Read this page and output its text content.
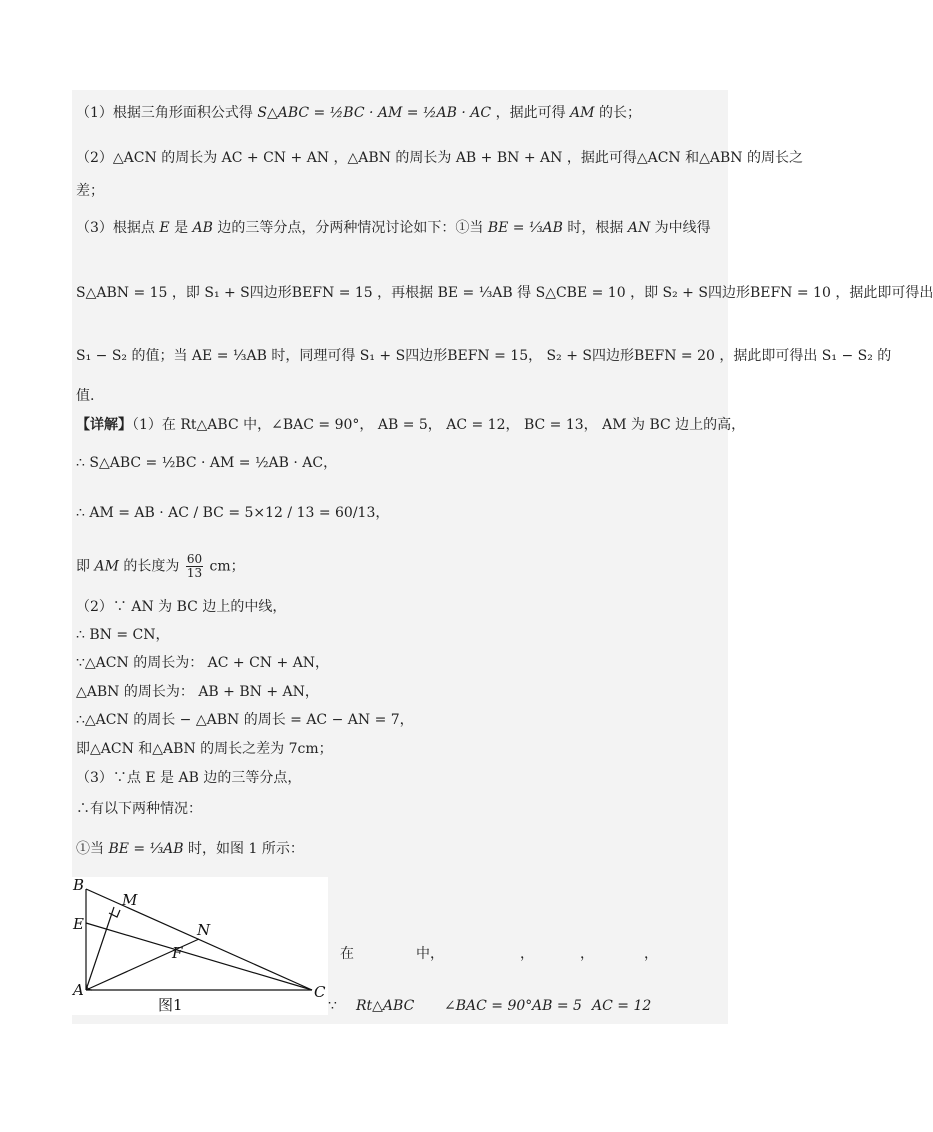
（1）根据三角形面积公式得 S△ABC = ½BC · AM = ½AB · AC ，据此可得 AM 的长；
（2）△ACN 的周长为 AC + CN + AN ，△ABN 的周长为 AB + BN + AN ，据此可得△ACN 和△ABN 的周长之
差；
（3）根据点 E 是 AB 边的三等分点，分两种情况讨论如下：①当 BE = ⅓AB 时，根据 AN 为中线得
S△ABN = 15 ，即 S₁ + S四边形BEFN = 15 ，再根据 BE = ⅓AB 得 S△CBE = 10 ，即 S₂ + S四边形BEFN = 10 ，据此即可得出
S₁ − S₂ 的值；当 AE = ⅓AB 时，同理可得 S₁ + S四边形BEFN = 15， S₂ + S四边形BEFN = 20 ，据此即可得出 S₁ − S₂ 的
值.
【详解】（1）在 Rt△ABC 中，∠BAC = 90°， AB = 5， AC = 12， BC = 13， AM 为 BC 边上的高，
∴ S△ABC = ½BC · AM = ½AB · AC，
∴ AM = AB · AC / BC = 5×12 / 13 = 60/13，
即 AM 的长度为 $\frac{60}{13}$ cm；
（2）∵ AN 为 BC 边上的中线，
∴ BN = CN，
∵△ACN 的周长为： AC + CN + AN，
△ABN 的周长为： AB + BN + AN，
∴△ACN 的周长 − △ABN 的周长 = AC − AN = 7，
即△ACN 和△ABN 的周长之差为 7cm；
（3）∵点 E 是 AB 边的三等分点，
∴有以下两种情况：
①当 BE = ⅓AB 时，如图 1 所示：
B
M
E	N
F
A	C
图1
在	中，	，	，	，
∵ Rt△ABC ∠BAC = 90° AB = 5 AC = 12
